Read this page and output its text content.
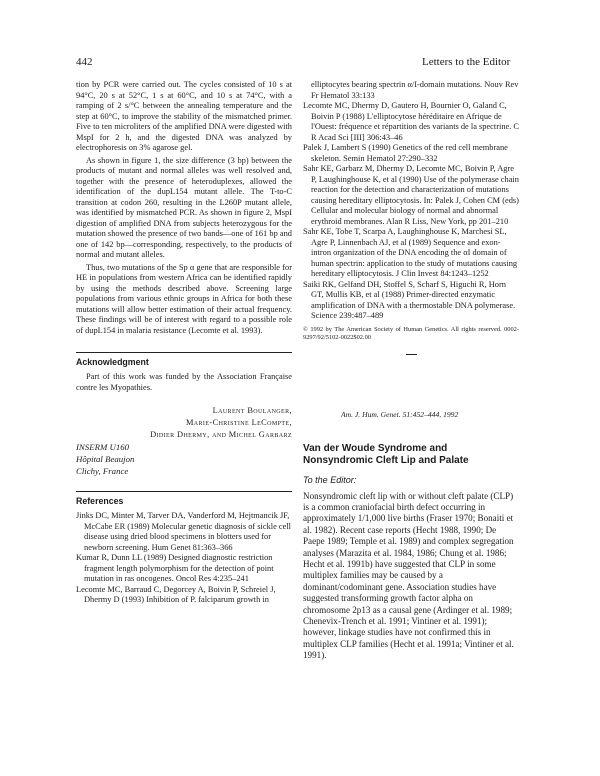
442	Letters to the Editor

tion by PCR were carried out. The cycles consisted of 10 s at 94°C, 20 s at 52°C, 1 s at 60°C, and 10 s at 74°C, with a ramping of 2 s/°C between the annealing temperature and the step at 60°C, to improve the stability of the mismatched primer. Five to ten microliters of the amplified DNA were digested with MspI for 2 h, and the digested DNA was analyzed by electrophoresis on 3% agarose gel.

As shown in figure 1, the size difference (3 bp) between the products of mutant and normal alleles was well resolved and, together with the presence of heteroduplexes, allowed the identification of the dupL154 mutant allele. The T-to-C transition at codon 260, resulting in the L260P mutant allele, was identified by mismatched PCR. As shown in figure 2, MspI digestion of amplified DNA from subjects heterozygous for the mutation showed the presence of two bands—one of 161 bp and one of 142 bp—corresponding, respectively, to the products of normal and mutant alleles.

Thus, two mutations of the Sp α gene that are responsible for HE in populations from western Africa can be identified rapidly by using the methods described above. Screening large populations from various ethnic groups in Africa for both these mutations will allow better estimation of their actual frequency. These findings will be of interest with regard to a possible role of dupL154 in malaria resistance (Lecomte et al. 1993).

Acknowledgment

Part of this work was funded by the Association Française contre les Myopathies.

Laurent Boulanger,
Marie-Christine LeCompte,
Didier Dhermy, and Michel Garbarz
INSERM U160
Hôpital Beaujon
Clichy, France
References

Jinks DC, Minter M, Tarver DA, Vanderford M, Hejtmancik JF, McCabe ER (1989) Molecular genetic diagnosis of sickle cell disease using dried blood specimens in blotters used for newborn screening. Hum Genet 81:363–366

Kumar R, Dunn LL (1989) Designed diagnostic restriction fragment length polymorphism for the detection of point mutation in ras oncogenes. Oncol Res 4:235–241

Lecomte MC, Barraud C, Degorcey A, Boivin P, Schreiel J, Dhermy D (1993) Inhibition of P. falciparum growth in

elliptocytes bearing spectrin α/I-domain mutations. Nouv Rev Fr Hematol 33:133

Lecomte MC, Dhermy D, Gautero H, Bournier O, Galand C, Boivin P (1988) L'elliptocytose héréditaire en Afrique de l'Ouest: fréquence et répartition des variants de la spectrine. C R Acad Sci [III] 306:43–46

Palek J, Lambert S (1990) Genetics of the red cell membrane skeleton. Semin Hematol 27:290–332

Sahr KE, Garbarz M, Dhermy D, Lecomte MC, Boivin P, Agre P, Laughinghouse K, et al (1990) Use of the polymerase chain reaction for the detection and characterization of mutations causing hereditary elliptocytosis. In: Palek J, Cohen CM (eds) Cellular and molecular biology of normal and abnormal erythroid membranes. Alan R Liss, New York, pp 201–210

Sahr KE, Tobe T, Scarpa A, Laughinghouse K, Marchesi SL, Agre P, Linnenbach AJ, et al (1989) Sequence and exon-intron organization of the DNA encoding the αI domain of human spectrin: application to the study of mutations causing hereditary elliptocytosis. J Clin Invest 84:1243–1252

Saiki RK, Gelfand DH, Stoffel S, Scharf S, Higuchi R, Horn GT, Mullis KB, et al (1988) Primer-directed enzymatic amplification of DNA with a thermostable DNA polymerase. Science 239:487–489

© 1992 by The American Society of Human Genetics. All rights reserved. 0002-9297/92/5102-0022$02.00

Am. J. Hum. Genet. 51:452–444, 1992
Van der Woude Syndrome and Nonsyndromic Cleft Lip and Palate
To the Editor:

Nonsyndromic cleft lip with or without cleft palate (CLP) is a common craniofacial birth defect occurring in approximately 1/1,000 live births (Fraser 1970; Bonaiti et al. 1982). Recent case reports (Hecht 1988, 1990; De Paepe 1989; Temple et al. 1989) and complex segregation analyses (Marazita et al. 1984, 1986; Chung et al. 1986; Hecht et al. 1991b) have suggested that CLP in some multiplex families may be caused by a dominant/codominant gene. Association studies have suggested transforming growth factor alpha on chromosome 2p13 as a causal gene (Ardinger et al. 1989; Chenevix-Trench et al. 1991; Vintiner et al. 1991); however, linkage studies have not confirmed this in multiplex CLP families (Hecht et al. 1991a; Vintiner et al. 1991).
